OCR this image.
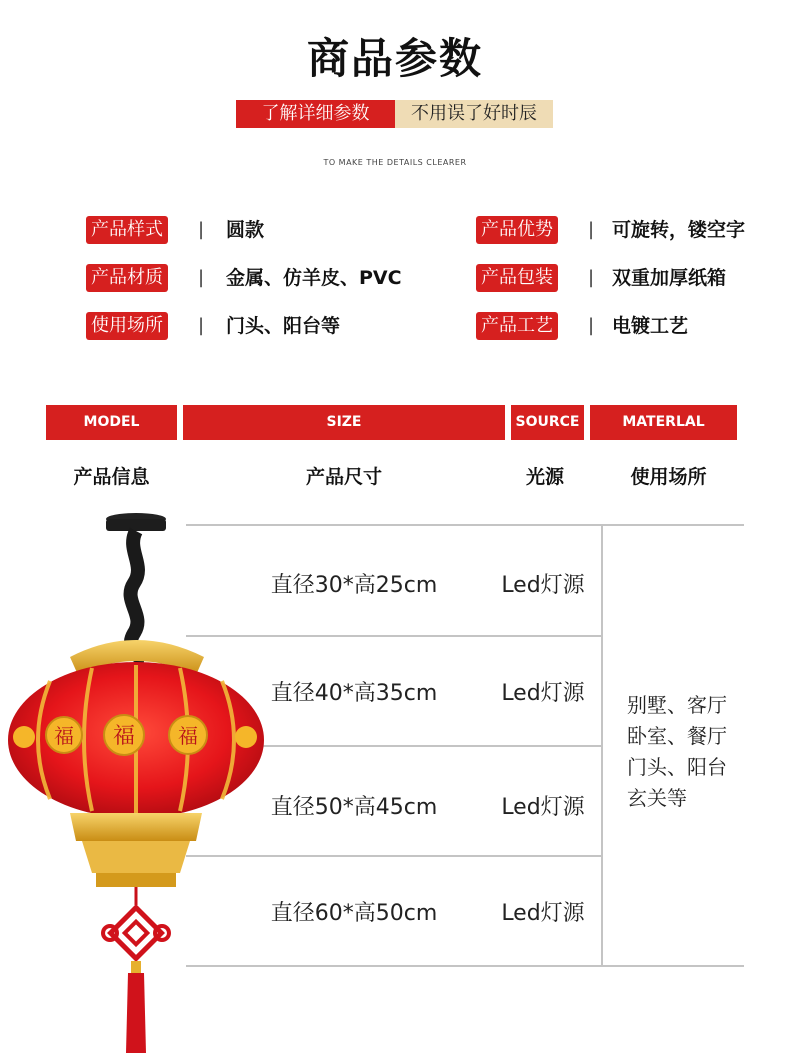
商品参数
了解详细参数	不用误了好时辰
TO MAKE THE DETAILS CLEARER
产品样式 | 圆款	产品优势 | 可旋转，镂空字
产品材质 | 金属、仿羊皮、PVC	产品包装 | 双重加厚纸箱
使用场所 | 门头、阳台等	产品工艺 | 电镀工艺
MODEL	SIZE	SOURCE	MATERLAL
产品信息	产品尺寸	光源	使用场所
直径30*高25cm	Led灯源
直径40*高35cm	Led灯源
直径50*高45cm	Led灯源
直径60*高50cm	Led灯源
别墅、客厅
卧室、餐厅
门头、阳台
玄关等
福 福 福
